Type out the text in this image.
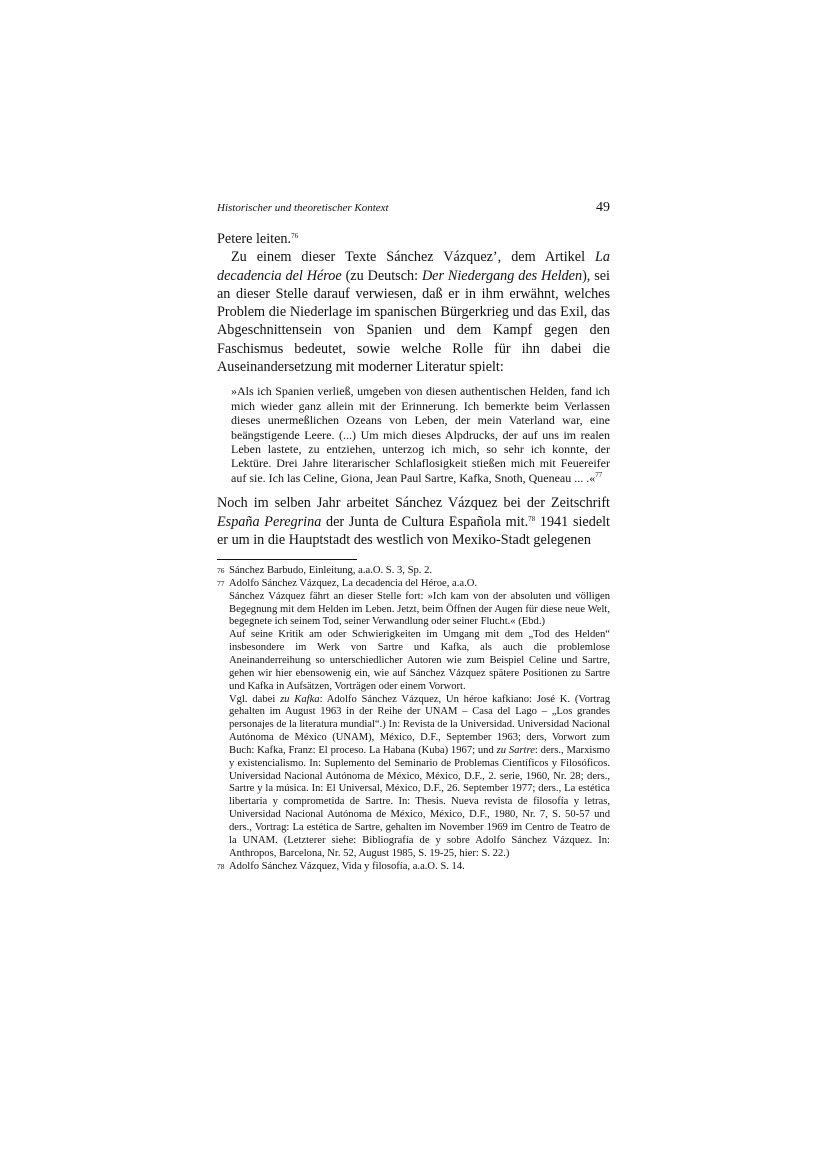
Historischer und theoretischer Kontext	49

Petere leiten.$^{76}$

Zu einem dieser Texte Sánchez Vázquez’, dem Artikel La decadencia del Héroe (zu Deutsch: Der Niedergang des Helden), sei an dieser Stelle darauf verwiesen, daß er in ihm erwähnt, welches Problem die Niederlage im spanischen Bürgerkrieg und das Exil, das Abgeschnittensein von Spanien und dem Kampf gegen den Faschismus bedeutet, sowie welche Rolle für ihn dabei die Auseinandersetzung mit moderner Literatur spielt:

»Als ich Spanien verließ, umgeben von diesen authentischen Helden, fand ich mich wieder ganz allein mit der Erinnerung. Ich bemerkte beim Verlassen dieses unermeßlichen Ozeans von Leben, der mein Vaterland war, eine beängstigende Leere. (...) Um mich dieses Alpdrucks, der auf uns im realen Leben lastete, zu entziehen, unterzog ich mich, so sehr ich konnte, der Lektüre. Drei Jahre literarischer Schlaflosigkeit stießen mich mit Feuereifer auf sie. Ich las Celine, Giona, Jean Paul Sartre, Kafka, Snoth, Queneau ... .«$^{77}$

Noch im selben Jahr arbeitet Sánchez Vázquez bei der Zeitschrift España Peregrina der Junta de Cultura Española mit.$^{78}$ 1941 siedelt er um in die Hauptstadt des westlich von Mexiko-Stadt gelegenen

76 Sánchez Barbudo, Einleitung, a.a.O. S. 3, Sp. 2.

77 Adolfo Sánchez Vázquez, La decadencia del Héroe, a.a.O.

Sánchez Vázquez fährt an dieser Stelle fort: »Ich kam von der absoluten und völligen Begegnung mit dem Helden im Leben. Jetzt, beim Öffnen der Augen für diese neue Welt, begegnete ich seinem Tod, seiner Verwandlung oder seiner Flucht.« (Ebd.)

Auf seine Kritik am oder Schwierigkeiten im Umgang mit dem „Tod des Helden“ insbesondere im Werk von Sartre und Kafka, als auch die problemlose Aneinanderreihung so unterschiedlicher Autoren wie zum Beispiel Celine und Sartre, gehen wir hier ebensowenig ein, wie auf Sánchez Vázquez spätere Positionen zu Sartre und Kafka in Aufsätzen, Vorträgen oder einem Vorwort.

Vgl. dabei zu Kafka: Adolfo Sánchez Vázquez, Un héroe kafkiano: José K. (Vortrag gehalten im August 1963 in der Reihe der UNAM – Casa del Lago – „Los grandes personajes de la literatura mundial“.) In: Revista de la Universidad. Universidad Nacional Autónoma de México (UNAM), México, D.F., September 1963; ders, Vorwort zum Buch: Kafka, Franz: El proceso. La Habana (Kuba) 1967; und zu Sartre: ders., Marxismo y existencialismo. In: Suplemento del Seminario de Problemas Científicos y Filosóficos. Universidad Nacional Autónoma de México, México, D.F., 2. serie, 1960, Nr. 28; ders., Sartre y la música. In: El Universal, México, D.F., 26. September 1977; ders., La estética libertaria y comprometida de Sartre. In: Thesis. Nueva revista de filosofía y letras, Universidad Nacional Autónoma de México, México, D.F., 1980, Nr. 7, S. 50-57 und ders., Vortrag: La estética de Sartre, gehalten im November 1969 im Centro de Teatro de la UNAM. (Letzterer siehe: Bibliografía de y sobre Adolfo Sánchez Vázquez. In: Anthropos, Barcelona, Nr. 52, August 1985, S. 19-25, hier: S. 22.)

78 Adolfo Sánchez Vázquez, Vida y filosofía, a.a.O. S. 14.
